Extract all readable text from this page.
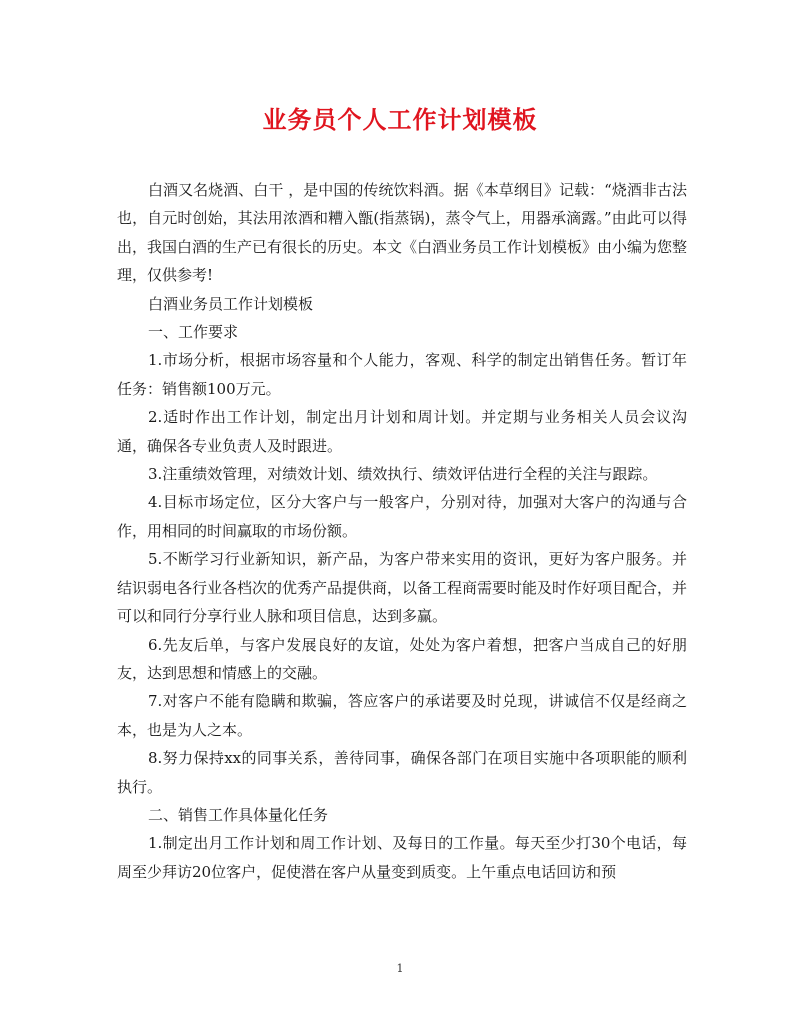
业务员个人工作计划模板

白酒又名烧酒、白干 ，是中国的传统饮料酒。据《本草纲目》记载：“烧酒非古法也，自元时创始，其法用浓酒和糟入甑(指蒸锅)，蒸令气上，用器承滴露。”由此可以得出，我国白酒的生产已有很长的历史。本文《白酒业务员工作计划模板》由小编为您整理，仅供参考!

白酒业务员工作计划模板

一、工作要求

1.市场分析，根据市场容量和个人能力，客观、科学的制定出销售任务。暂订年任务：销售额100万元。

2.适时作出工作计划，制定出月计划和周计划。并定期与业务相关人员会议沟通，确保各专业负责人及时跟进。

3.注重绩效管理，对绩效计划、绩效执行、绩效评估进行全程的关注与跟踪。

4.目标市场定位，区分大客户与一般客户，分别对待，加强对大客户的沟通与合作，用相同的时间赢取的市场份额。

5.不断学习行业新知识，新产品，为客户带来实用的资讯，更好为客户服务。并结识弱电各行业各档次的优秀产品提供商，以备工程商需要时能及时作好项目配合，并可以和同行分享行业人脉和项目信息，达到多赢。

6.先友后单，与客户发展良好的友谊，处处为客户着想，把客户当成自己的好朋友，达到思想和情感上的交融。

7.对客户不能有隐瞒和欺骗，答应客户的承诺要及时兑现，讲诚信不仅是经商之本，也是为人之本。

8.努力保持xx的同事关系，善待同事，确保各部门在项目实施中各项职能的顺利执行。

二、销售工作具体量化任务

1.制定出月工作计划和周工作计划、及每日的工作量。每天至少打30个电话，每周至少拜访20位客户，促使潜在客户从量变到质变。上午重点电话回访和预

1
